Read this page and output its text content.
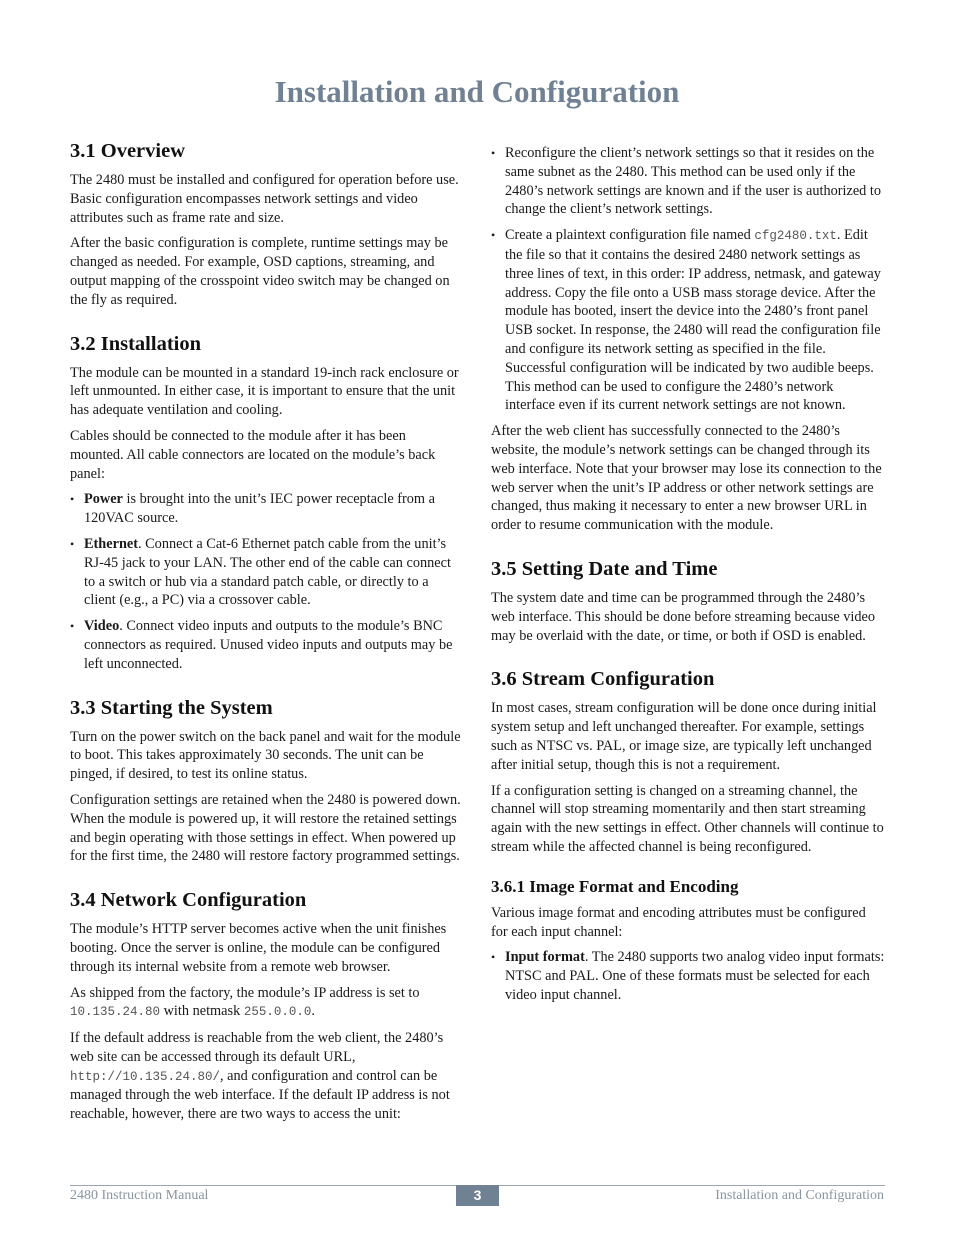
Installation and Configuration
3.1 Overview

The 2480 must be installed and configured for operation before use. Basic configuration encompasses network settings and video attributes such as frame rate and size.

After the basic configuration is complete, runtime settings may be changed as needed. For example, OSD captions, streaming, and output mapping of the crosspoint video switch may be changed on the fly as required.

3.2 Installation

The module can be mounted in a standard 19-inch rack enclosure or left unmounted. In either case, it is important to ensure that the unit has adequate ventilation and cooling.

Cables should be connected to the module after it has been mounted. All cable connectors are located on the module’s back panel:

• Power is brought into the unit’s IEC power receptacle from a 120VAC source.
• Ethernet. Connect a Cat-6 Ethernet patch cable from the unit’s RJ-45 jack to your LAN. The other end of the cable can connect to a switch or hub via a standard patch cable, or directly to a client (e.g., a PC) via a crossover cable.
• Video. Connect video inputs and outputs to the module’s BNC connectors as required. Unused video inputs and outputs may be left unconnected.
3.3 Starting the System

Turn on the power switch on the back panel and wait for the module to boot. This takes approximately 30 seconds. The unit can be pinged, if desired, to test its online status.

Configuration settings are retained when the 2480 is powered down. When the module is powered up, it will restore the retained settings and begin operating with those settings in effect. When powered up for the first time, the 2480 will restore factory programmed settings.

3.4 Network Configuration

The module’s HTTP server becomes active when the unit finishes booting. Once the server is online, the module can be configured through its internal website from a remote web browser.

As shipped from the factory, the module’s IP address is set to 10.135.24.80 with netmask 255.0.0.0.

If the default address is reachable from the web client, the 2480’s web site can be accessed through its default URL, http://10.135.24.80/, and configuration and control can be managed through the web interface. If the default IP address is not reachable, however, there are two ways to access the unit:

• Reconfigure the client’s network settings so that it resides on the same subnet as the 2480. This method can be used only if the 2480’s network settings are known and if the user is authorized to change the client’s network settings.
• Create a plaintext configuration file named cfg2480.txt. Edit the file so that it contains the desired 2480 network settings as three lines of text, in this order: IP address, netmask, and gateway address. Copy the file onto a USB mass storage device. After the module has booted, insert the device into the 2480’s front panel USB socket. In response, the 2480 will read the configuration file and configure its network setting as specified in the file. Successful configuration will be indicated by two audible beeps. This method can be used to configure the 2480’s network interface even if its current network settings are not known.

After the web client has successfully connected to the 2480’s website, the module’s network settings can be changed through its web interface. Note that your browser may lose its connection to the web server when the unit’s IP address or other network settings are changed, thus making it necessary to enter a new browser URL in order to resume communication with the module.

3.5 Setting Date and Time

The system date and time can be programmed through the 2480’s web interface. This should be done before streaming because video may be overlaid with the date, or time, or both if OSD is enabled.

3.6 Stream Configuration

In most cases, stream configuration will be done once during initial system setup and left unchanged thereafter. For example, settings such as NTSC vs. PAL, or image size, are typically left unchanged after initial setup, though this is not a requirement.

If a configuration setting is changed on a streaming channel, the channel will stop streaming momentarily and then start streaming again with the new settings in effect. Other channels will continue to stream while the affected channel is being reconfigured.

3.6.1 Image Format and Encoding

Various image format and encoding attributes must be configured for each input channel:

• Input format. The 2480 supports two analog video input formats: NTSC and PAL. One of these formats must be selected for each video input channel.
2480 Instruction Manual	3	Installation and Configuration
